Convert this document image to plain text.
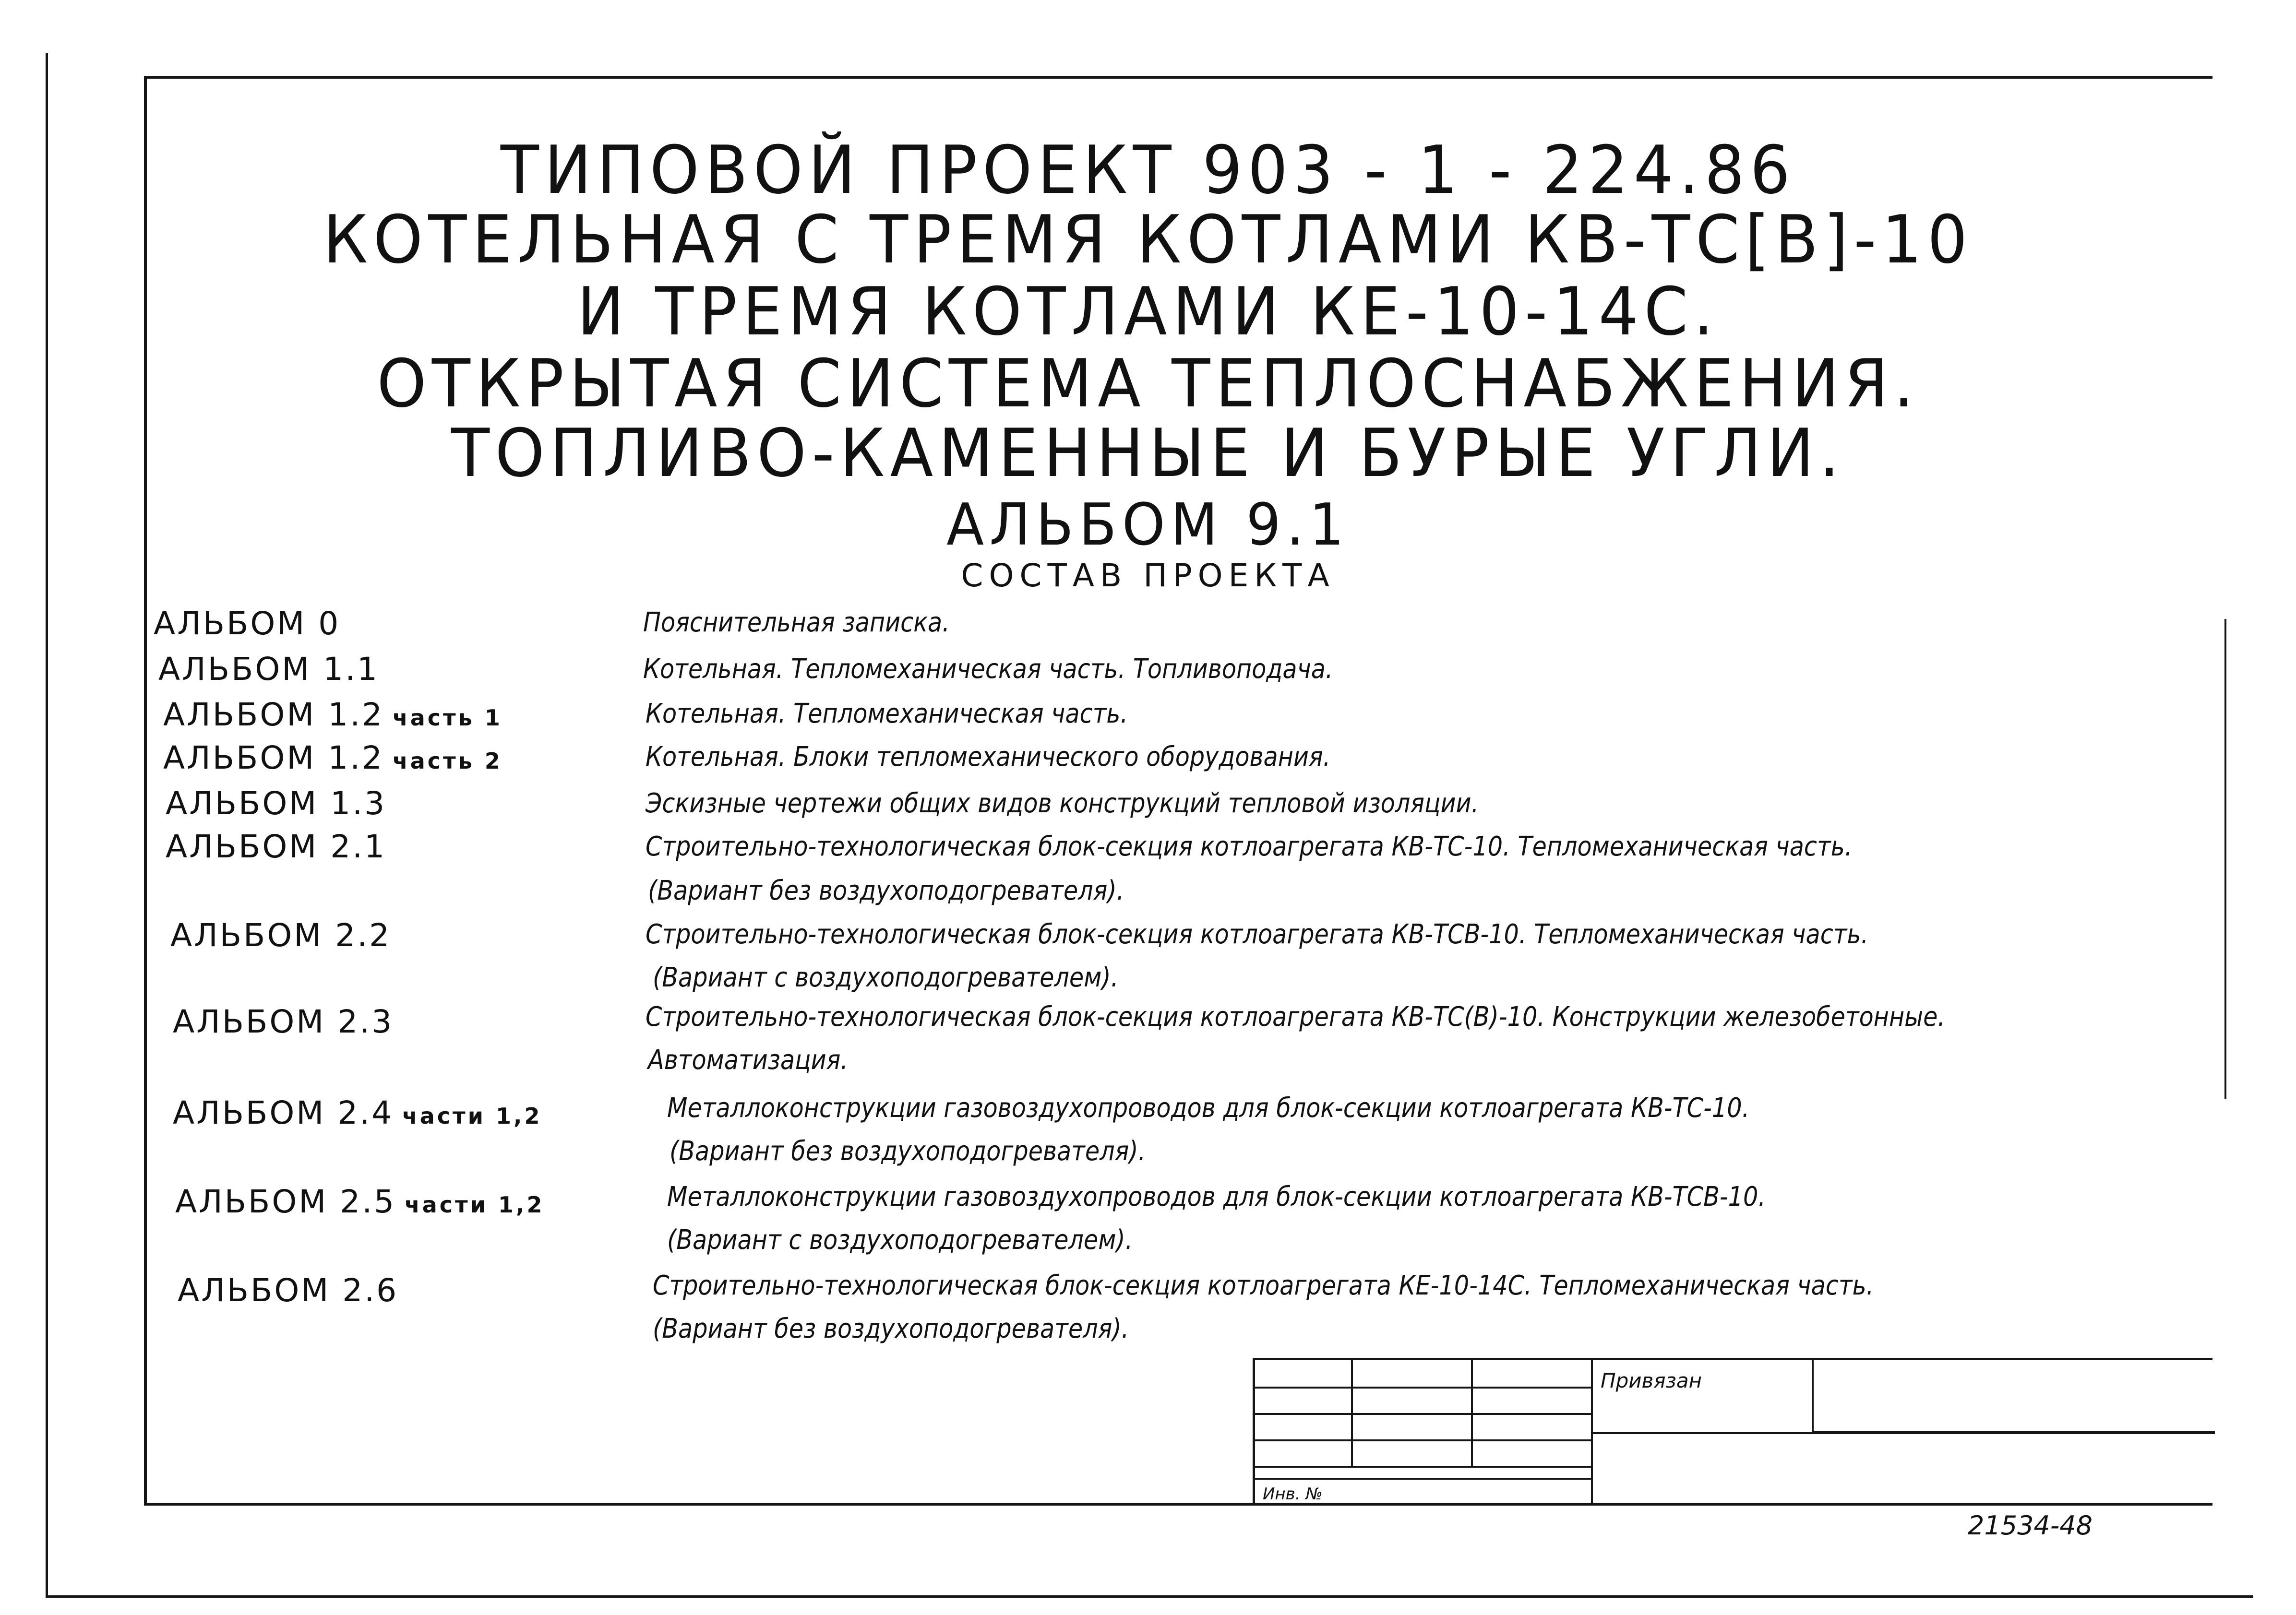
ТИПОВОЙ ПРОЕКТ 903 - 1 - 224.86
КОТЕЛЬНАЯ С ТРЕМЯ КОТЛАМИ КВ-ТС[В]-10
И ТРЕМЯ КОТЛАМИ КЕ-10-14С.
ОТКРЫТАЯ СИСТЕМА ТЕПЛОСНАБЖЕНИЯ.
ТОПЛИВО-КАМЕННЫЕ И БУРЫЕ УГЛИ.
АЛЬБОМ 9.1
СОСТАВ ПРОЕКТА
АЛЬБОМ 0	Пояснительная записка.
АЛЬБОМ 1.1	Котельная. Тепломеханическая часть. Топливоподача.
АЛЬБОМ 1.2 часть 1	Котельная. Тепломеханическая часть.
АЛЬБОМ 1.2 часть 2	Котельная. Блоки тепломеханического оборудования.
АЛЬБОМ 1.3	Эскизные чертежи общих видов конструкций тепловой изоляции.
АЛЬБОМ 2.1	Строительно-технологическая блок-секция котлоагрегата КВ-ТС-10. Тепломеханическая часть.
(Вариант без воздухоподогревателя).
АЛЬБОМ 2.2	Строительно-технологическая блок-секция котлоагрегата КВ-ТСВ-10. Тепломеханическая часть.
(Вариант с воздухоподогревателем).
АЛЬБОМ 2.3	Строительно-технологическая блок-секция котлоагрегата КВ-ТС(В)-10. Конструкции железобетонные.
Автоматизация.
АЛЬБОМ 2.4 части 1,2	Металлоконструкции газовоздухопроводов для блок-секции котлоагрегата КВ-ТС-10.
(Вариант без воздухоподогревателя).
АЛЬБОМ 2.5 части 1,2	Металлоконструкции газовоздухопроводов для блок-секции котлоагрегата КВ-ТСВ-10.
(Вариант с воздухоподогревателем).
АЛЬБОМ 2.6	Строительно-технологическая блок-секция котлоагрегата КЕ-10-14С. Тепломеханическая часть.
(Вариант без воздухоподогревателя).
Привязан
Инв. №
21534-48
